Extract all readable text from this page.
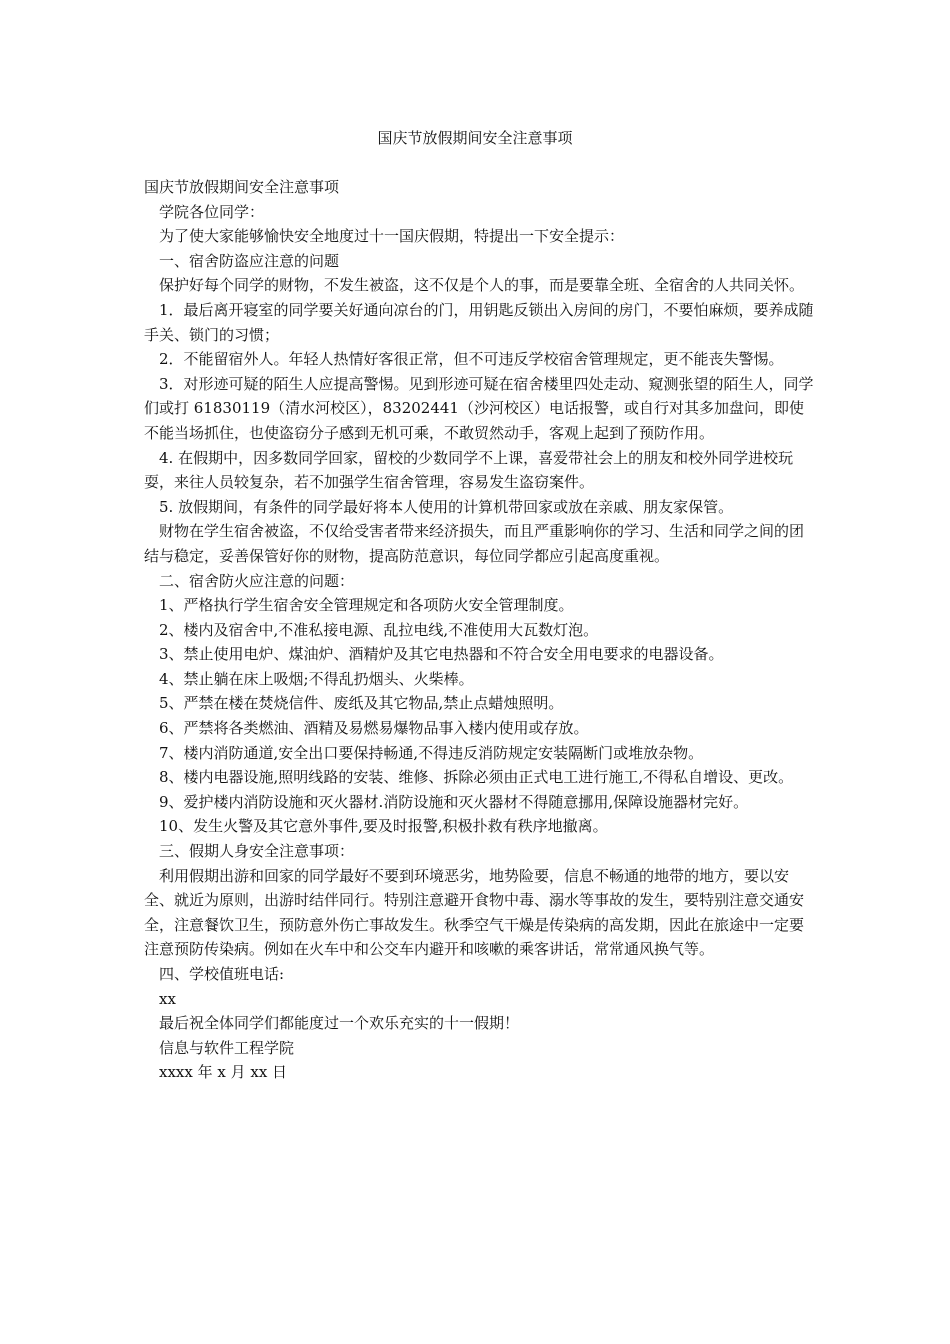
国庆节放假期间安全注意事项

国庆节放假期间安全注意事项

学院各位同学：

为了使大家能够愉快安全地度过十一国庆假期，特提出一下安全提示：

一、宿舍防盗应注意的问题

保护好每个同学的财物，不发生被盗，这不仅是个人的事，而是要靠全班、全宿舍的人共同关怀。

1．最后离开寝室的同学要关好通向凉台的门，用钥匙反锁出入房间的房门，不要怕麻烦，要养成随手关、锁门的习惯；

2．不能留宿外人。年轻人热情好客很正常，但不可违反学校宿舍管理规定，更不能丧失警惕。

3．对形迹可疑的陌生人应提高警惕。见到形迹可疑在宿舍楼里四处走动、窥测张望的陌生人，同学们或打 61830119（清水河校区），83202441（沙河校区）电话报警，或自行对其多加盘问，即使不能当场抓住，也使盗窃分子感到无机可乘，不敢贸然动手，客观上起到了预防作用。

4. 在假期中，因多数同学回家，留校的少数同学不上课，喜爱带社会上的朋友和校外同学进校玩耍，来往人员较复杂，若不加强学生宿舍管理，容易发生盗窃案件。

5. 放假期间，有条件的同学最好将本人使用的计算机带回家或放在亲戚、朋友家保管。

财物在学生宿舍被盗，不仅给受害者带来经济损失，而且严重影响你的学习、生活和同学之间的团结与稳定，妥善保管好你的财物，提高防范意识，每位同学都应引起高度重视。

二、宿舍防火应注意的问题：

1、严格执行学生宿舍安全管理规定和各项防火安全管理制度。

2、楼内及宿舍中,不准私接电源、乱拉电线,不准使用大瓦数灯泡。

3、禁止使用电炉、煤油炉、酒精炉及其它电热器和不符合安全用电要求的电器设备。

4、禁止躺在床上吸烟;不得乱扔烟头、火柴棒。

5、严禁在楼在焚烧信件、废纸及其它物品,禁止点蜡烛照明。

6、严禁将各类燃油、酒精及易燃易爆物品事入楼内使用或存放。

7、楼内消防通道,安全出口要保持畅通,不得违反消防规定安装隔断门或堆放杂物。

8、楼内电器设施,照明线路的安装、维修、拆除必须由正式电工进行施工,不得私自增设、更改。

9、爱护楼内消防设施和灭火器材.消防设施和灭火器材不得随意挪用,保障设施器材完好。

10、发生火警及其它意外事件,要及时报警,积极扑救有秩序地撤离。

三、假期人身安全注意事项：

利用假期出游和回家的同学最好不要到环境恶劣，地势险要，信息不畅通的地带的地方，要以安全、就近为原则，出游时结伴同行。特别注意避开食物中毒、溺水等事故的发生，要特别注意交通安全，注意餐饮卫生，预防意外伤亡事故发生。秋季空气干燥是传染病的高发期，因此在旅途中一定要注意预防传染病。例如在火车中和公交车内避开和咳嗽的乘客讲话，常常通风换气等。

四、学校值班电话:

xx

最后祝全体同学们都能度过一个欢乐充实的十一假期！

信息与软件工程学院

xxxx 年 x 月 xx 日
